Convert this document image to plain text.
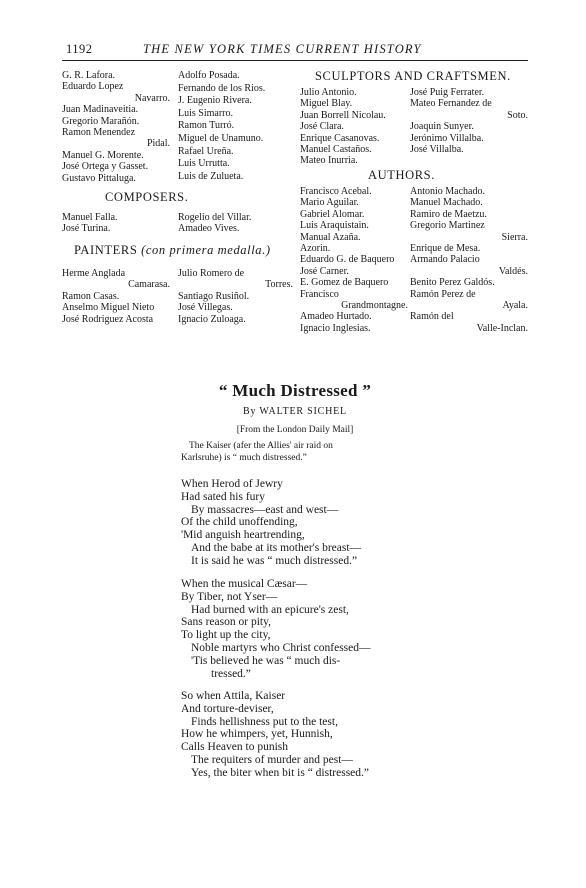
1192	THE NEW YORK TIMES CURRENT HISTORY
G. R. Lafora.
Eduardo Lopez
Navarro.
Juan Madinaveitia.
Gregorio Marañón.
Ramon Menendez
Pidal.
Manuel G. Morente.
José Ortega y Gasset.
Gustavo Pittaluga.
Adolfo Posada.
Fernando de los Rios.
J. Eugenio Rivera.
Luis Simarro.
Ramon Turró.
Miguel de Unamuno.
Rafael Ureña.
Luis Urrutta.
Luis de Zulueta.
COMPOSERS.
Manuel Falla.
José Turina.
Rogelio del Villar.
Amadeo Vives.
PAINTERS (con primera medalla.)
Herme Anglada
Camarasa.
Ramon Casas.
Anselmo Miguel Nieto
José Rodriguez Acosta
Julio Romero de
Torres.
Santiago Rusiñol.
José Villegas.
Ignacio Zuloaga.
SCULPTORS AND CRAFTSMEN.
Julio Antonio.
Miguel Blay.
Juan Borrell Nicolau.
José Clara.
Enrique Casanovas.
Manuel Castaños.
Mateo Inurria.
José Puig Ferrater.
Mateo Fernandez de
Soto.
Joaquin Sunyer.
Jerónimo Villalba.
José Villalba.
AUTHORS.
Francisco Acebal.
Mario Aguilar.
Gabriel Alomar.
Luis Araquistain.
Manual Azaña.
Azorin.
Eduardo G. de Baquero
José Carner.
E. Gomez de Baquero
Francisco
Grandmontagne.
Amadeo Hurtado.
Ignacio Inglesias.
Antonio Machado.
Manuel Machado.
Ramiro de Maetzu.
Gregorio Martinez
Sierra.
Enrique de Mesa.
Armando Palacio
Valdés.
Benito Perez Galdós.
Ramón Perez de
Ayala.
Ramón del
Valle-Inclan.
“ Much Distressed ”
By WALTER SICHEL
[From the London Daily Mail]
The Kaiser (afer the Allies' air raid on
Karlsruhe) is “ much distressed.”
When Herod of Jewry
Had sated his fury
By massacres—east and west—
Of the child unoffending,
'Mid anguish heartrending,
And the babe at its mother's breast—
It is said he was “ much distressed.”
When the musical Cæsar—
By Tiber, not Yser—
Had burned with an epicure's zest,
Sans reason or pity,
To light up the city,
Noble martyrs who Christ confessed—
'Tis believed he was “ much dis-
tressed.”
So when Attila, Kaiser
And torture-deviser,
Finds hellishness put to the test,
How he whimpers, yet, Hunnish,
Calls Heaven to punish
The requiters of murder and pest—
Yes, the biter when bit is “ distressed.”
